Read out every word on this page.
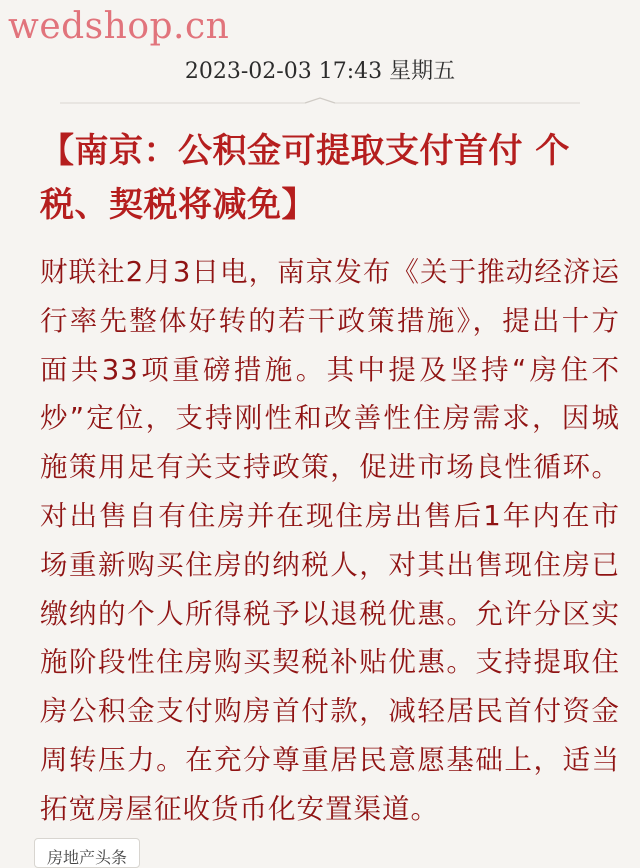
wedshop.cn
2023-02-03 17:43 星期五
【南京：公积金可提取支付首付 个税、契税将减免】
财联社2月3日电，南京发布《关于推动经济运行率先整体好转的若干政策措施》，提出十方面共33项重磅措施。其中提及坚持“房住不炒”定位，支持刚性和改善性住房需求，因城施策用足有关支持政策，促进市场良性循环。对出售自有住房并在现住房出售后1年内在市场重新购买住房的纳税人，对其出售现住房已缴纳的个人所得税予以退税优惠。允许分区实施阶段性住房购买契税补贴优惠。支持提取住房公积金支付购房首付款，减轻居民首付资金周转压力。在充分尊重居民意愿基础上，适当拓宽房屋征收货币化安置渠道。
房地产头条
